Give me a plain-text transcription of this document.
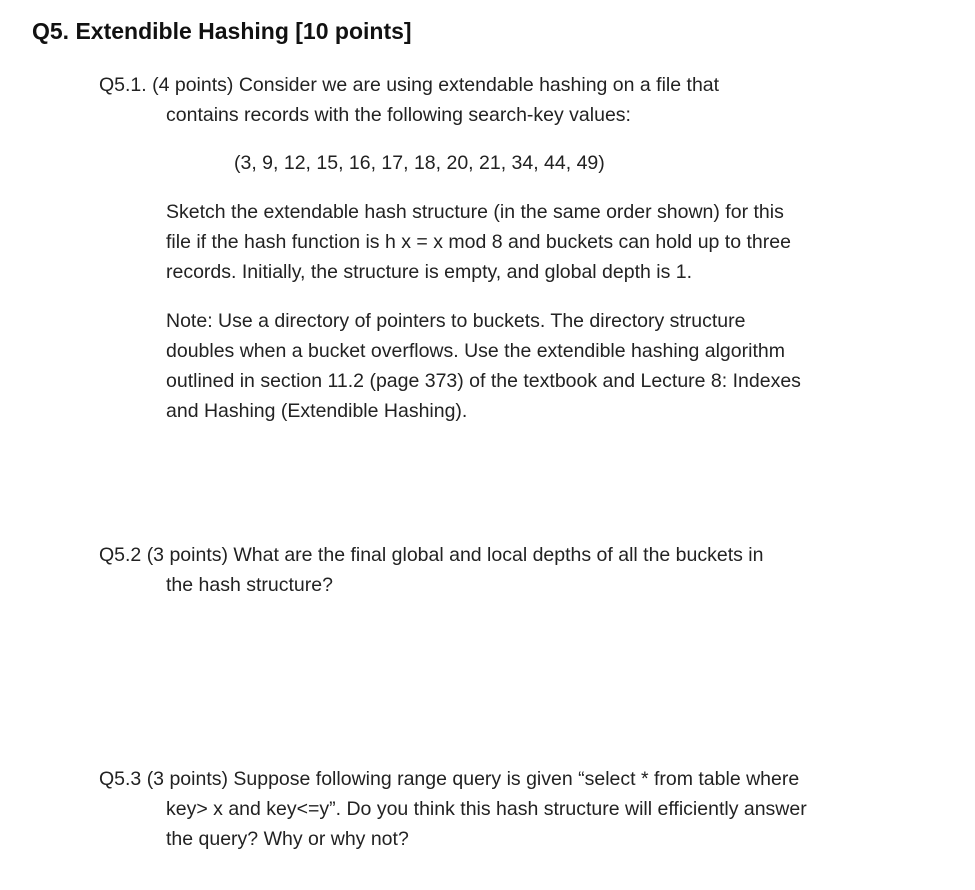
Q5. Extendible Hashing [10 points]
Q5.1. (4 points) Consider we are using extendable hashing on a file that
contains records with the following search-key values:
(3, 9, 12, 15, 16, 17, 18, 20, 21, 34, 44, 49)
Sketch the extendable hash structure (in the same order shown) for this
file if the hash function is h x = x mod 8 and buckets can hold up to three
records. Initially, the structure is empty, and global depth is 1.
Note: Use a directory of pointers to buckets. The directory structure
doubles when a bucket overflows. Use the extendible hashing algorithm
outlined in section 11.2 (page 373) of the textbook and Lecture 8: Indexes
and Hashing (Extendible Hashing).
Q5.2 (3 points) What are the final global and local depths of all the buckets in
the hash structure?
Q5.3 (3 points) Suppose following range query is given “select * from table where
key> x and key<=y”. Do you think this hash structure will efficiently answer
the query? Why or why not?
